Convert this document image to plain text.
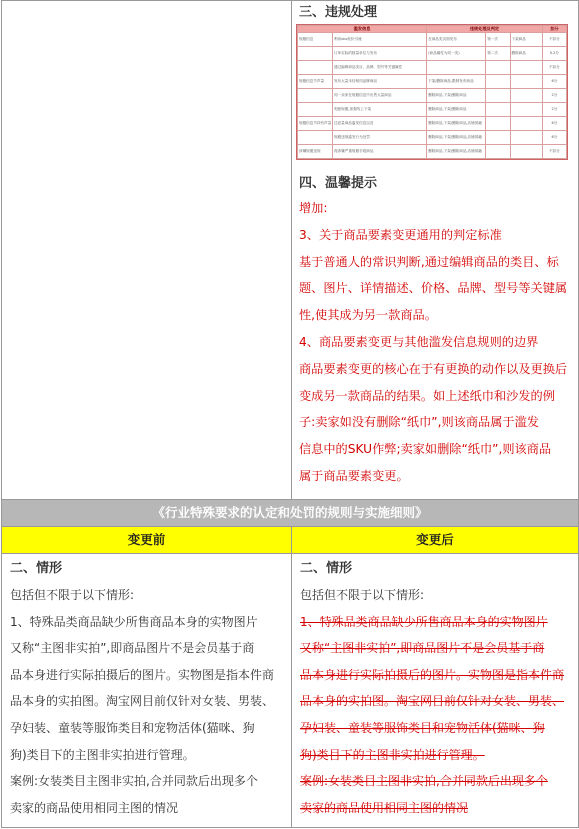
三、违规处理
滥发信息	违规处理及判定	扣分
规避信息	利用sku低价引流	在商品类页面发布	第一次	下架商品	不扣分
	订单实际的数量单位与发布	(商品属性为同一类)	第二次	删除商品	0.2分
	通过编辑商品类目、品牌、型号等关键属性				不扣分
规避信息节声量	发布大量未经相同品牌商品	下架/删除商品,限制发布商品			6分
	同一卖家在规避信息中出售大量商品	删除商品,下架/删除商品			2分
	刻意规避,加强线上下架	删除商品,下架/删除商品			2分
规避信息节持有声量	过滤量商品滥发信息以及	删除商品,下架/删除商品,店铺屏蔽			6分
	规避违规滥发行为处罚	删除商品,下架/删除商品,店铺屏蔽			6分
涉嫌规避违规	将涉嫌严重规避手段商品	删除商品,下架/删除商品,店铺屏蔽			不扣分
四、温馨提示

增加:

3、关于商品要素变更通用的判定标准

基于普通人的常识判断,通过编辑商品的类目、标

题、图片、详情描述、价格、品牌、型号等关键属

性,使其成为另一款商品。

4、商品要素变更与其他滥发信息规则的边界

商品要素变更的核心在于有更换的动作以及更换后

变成另一款商品的结果。如上述纸巾和沙发的例

子:卖家如没有删除“纸巾”,则该商品属于滥发

信息中的SKU作弊;卖家如删除“纸巾”,则该商品

属于商品要素变更。

《行业特殊要求的认定和处罚的规则与实施细则》
变更前	变更后

二、情形

包括但不限于以下情形:

1、特殊品类商品缺少所售商品本身的实物图片

又称“主图非实拍”,即商品图片不是会员基于商

品本身进行实际拍摄后的图片。实物图是指本件商

品本身的实拍图。淘宝网目前仅针对女装、男装、

孕妇装、童装等服饰类目和宠物活体(猫咪、狗

狗)类目下的主图非实拍进行管理。

案例:女装类目主图非实拍,合并同款后出现多个

卖家的商品使用相同主图的情况

二、情形

包括但不限于以下情形:

1、特殊品类商品缺少所售商品本身的实物图片

又称“主图非实拍”,即商品图片不是会员基于商

品本身进行实际拍摄后的图片。实物图是指本件商

品本身的实拍图。淘宝网目前仅针对女装、男装、

孕妇装、童装等服饰类目和宠物活体(猫咪、狗

狗)类目下的主图非实拍进行管理。

案例:女装类目主图非实拍,合并同款后出现多个

卖家的商品使用相同主图的情况
